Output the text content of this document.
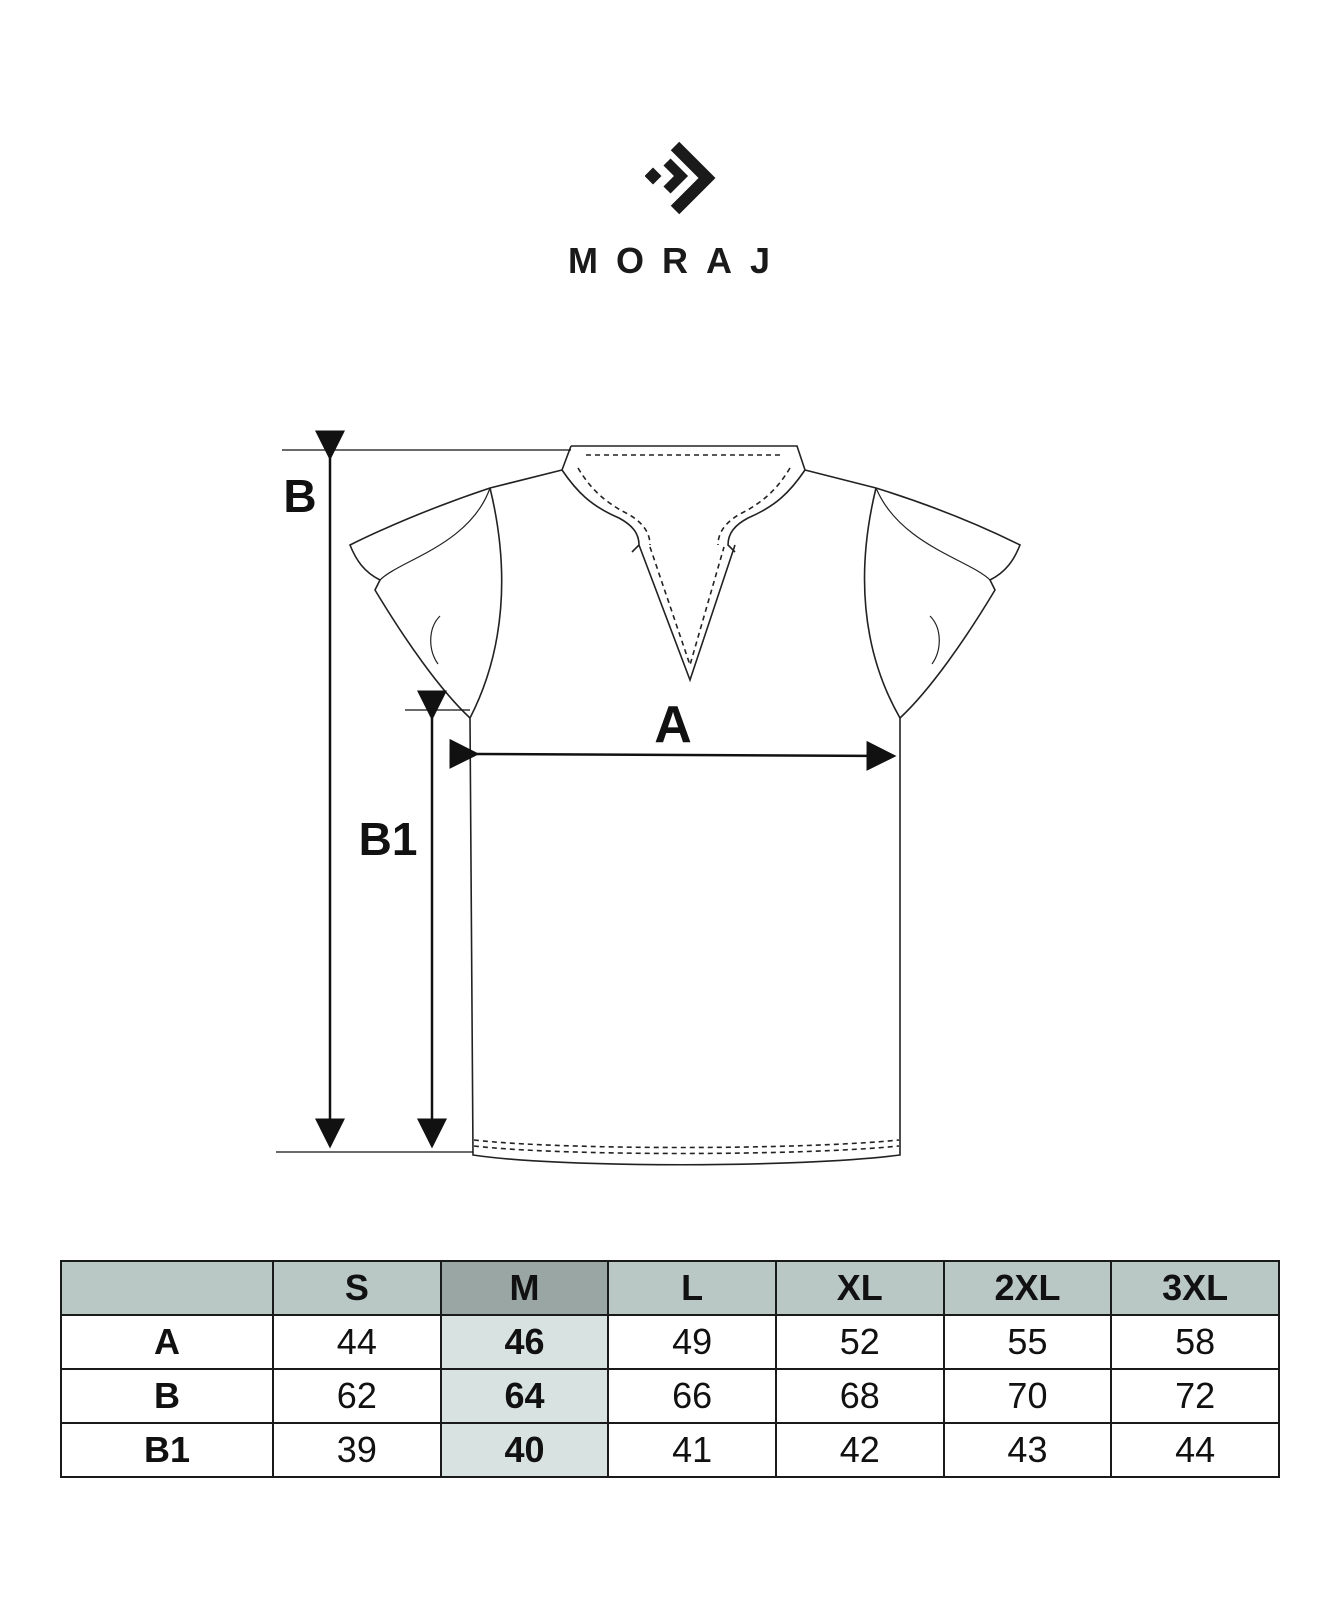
MORAJ
B
B1
A
	S	M	L	XL	2XL	3XL
A	44	46	49	52	55	58
B	62	64	66	68	70	72
B1	39	40	41	42	43	44
